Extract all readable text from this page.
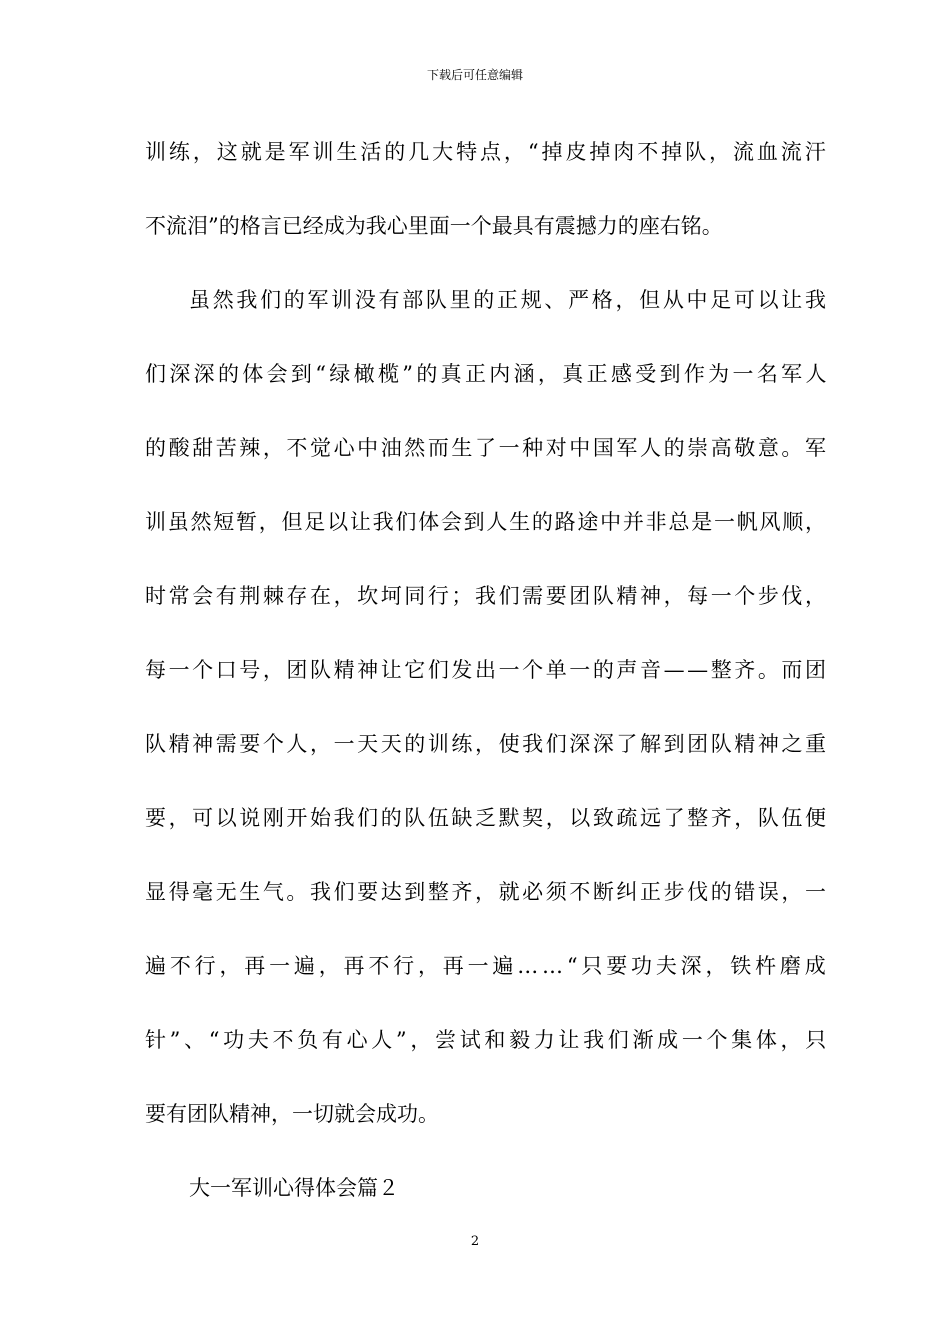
下载后可任意编辑
训练，这就是军训生活的几大特点，“掉皮掉肉不掉队，流血流汗
不流泪”的格言已经成为我心里面一个最具有震撼力的座右铭。
虽然我们的军训没有部队里的正规、严格，但从中足可以让我
们深深的体会到“绿橄榄”的真正内涵，真正感受到作为一名军人
的酸甜苦辣，不觉心中油然而生了一种对中国军人的崇高敬意。军
训虽然短暂，但足以让我们体会到人生的路途中并非总是一帆风顺，
时常会有荆棘存在，坎坷同行；我们需要团队精神，每一个步伐，
每一个口号，团队精神让它们发出一个单一的声音——整齐。而团
队精神需要个人，一天天的训练，使我们深深了解到团队精神之重
要，可以说刚开始我们的队伍缺乏默契，以致疏远了整齐，队伍便
显得毫无生气。我们要达到整齐，就必须不断纠正步伐的错误，一
遍不行，再一遍，再不行，再一遍……“只要功夫深，铁杵磨成
针”、“功夫不负有心人”，尝试和毅力让我们渐成一个集体，只
要有团队精神，一切就会成功。
大一军训心得体会篇２
2
